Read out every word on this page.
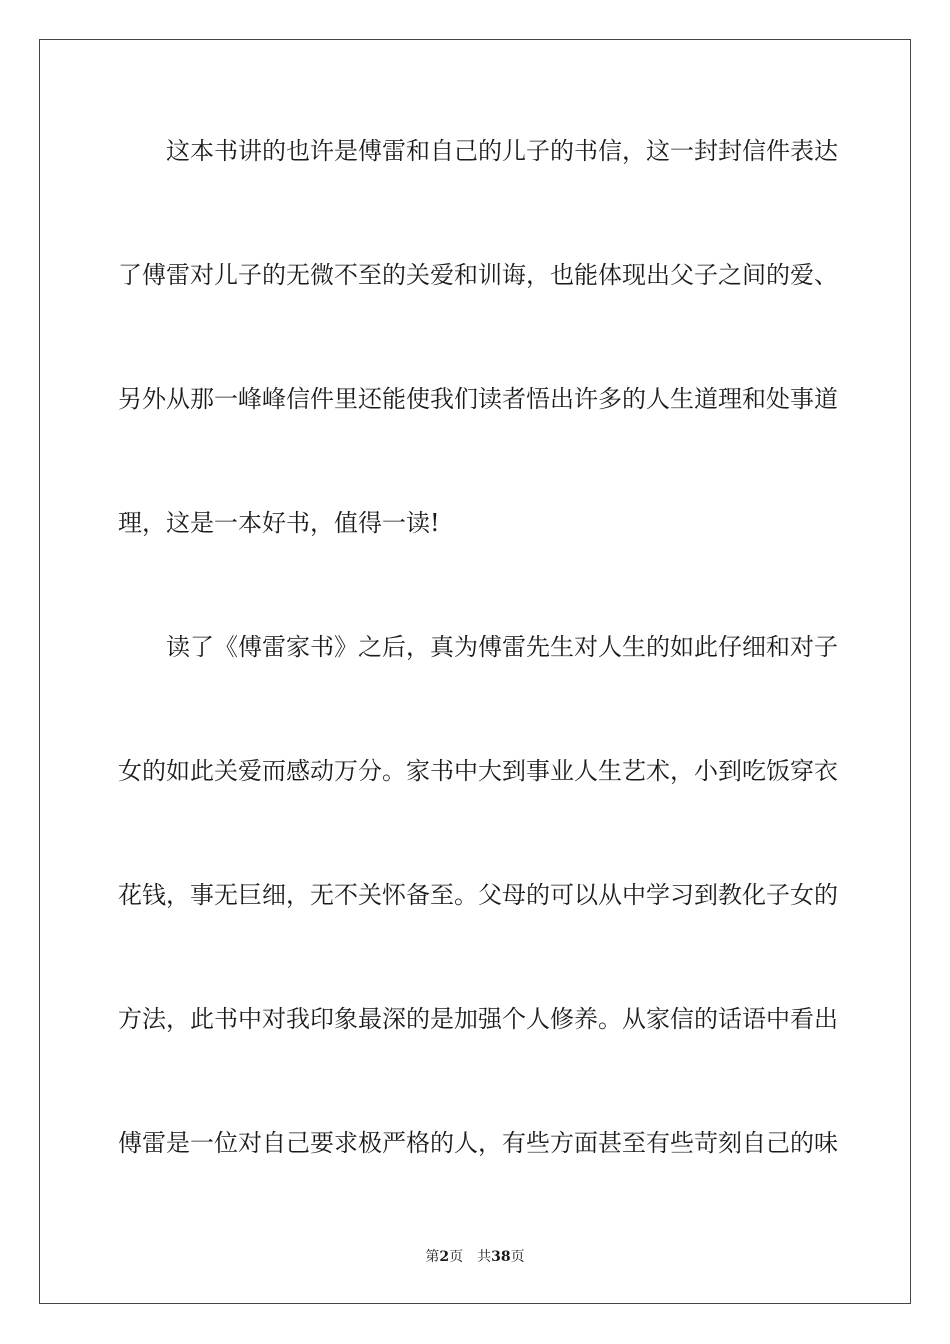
这本书讲的也许是傅雷和自己的儿子的书信，这一封封信件表达
了傅雷对儿子的无微不至的关爱和训诲，也能体现出父子之间的爱、
另外从那一峰峰信件里还能使我们读者悟出许多的人生道理和处事道
理，这是一本好书，值得一读!
读了《傅雷家书》之后，真为傅雷先生对人生的如此仔细和对子
女的如此关爱而感动万分。家书中大到事业人生艺术，小到吃饭穿衣
花钱，事无巨细，无不关怀备至。父母的可以从中学习到教化子女的
方法，此书中对我印象最深的是加强个人修养。从家信的话语中看出
傅雷是一位对自己要求极严格的人，有些方面甚至有些苛刻自己的味
第2页 共38页
